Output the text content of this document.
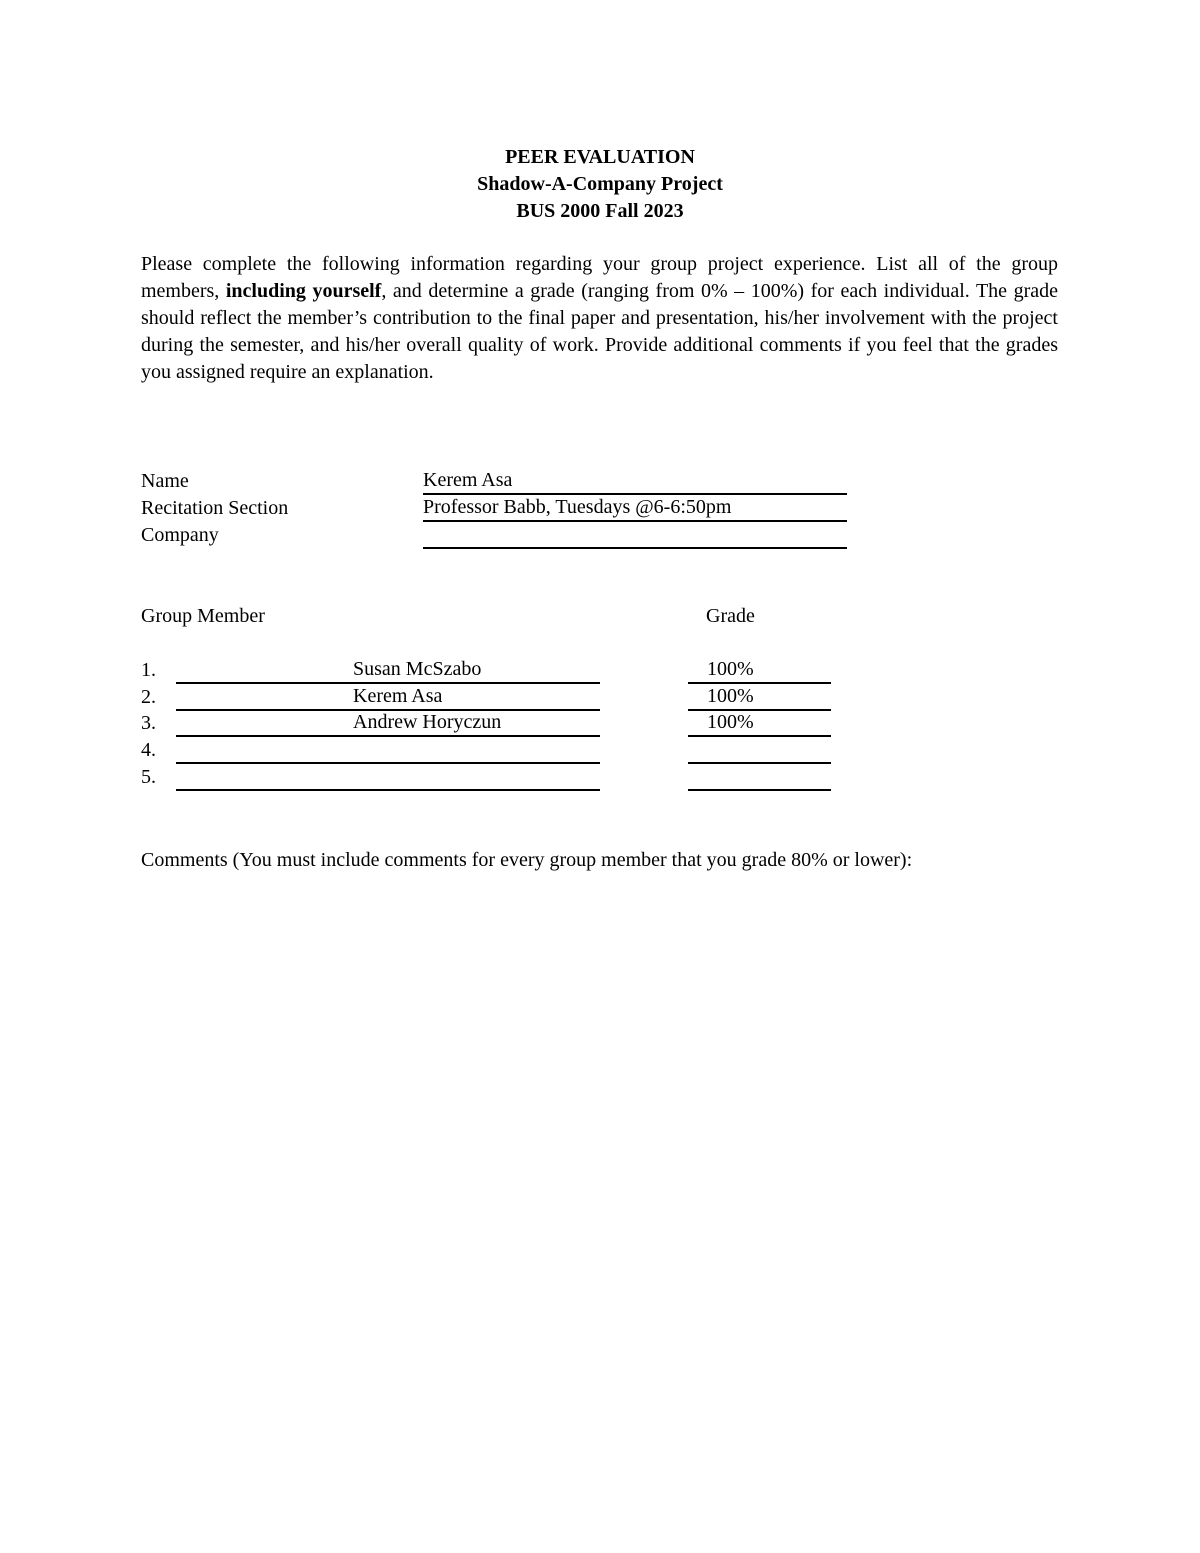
PEER EVALUATION
Shadow-A-Company Project
BUS 2000 Fall 2023
Please complete the following information regarding your group project experience. List all of the group members, including yourself, and determine a grade (ranging from 0% – 100%) for each individual. The grade should reflect the member’s contribution to the final paper and presentation, his/her involvement with the project during the semester, and his/her overall quality of work. Provide additional comments if you feel that the grades you assigned require an explanation.
Name	Kerem Asa
Recitation Section	Professor Babb, Tuesdays @6-6:50pm
Company
Group Member	Grade
1.	Susan McSzabo	100%
2.	Kerem Asa	100%
3.	Andrew Horyczun	100%
4.
5.
Comments (You must include comments for every group member that you grade 80% or lower):
